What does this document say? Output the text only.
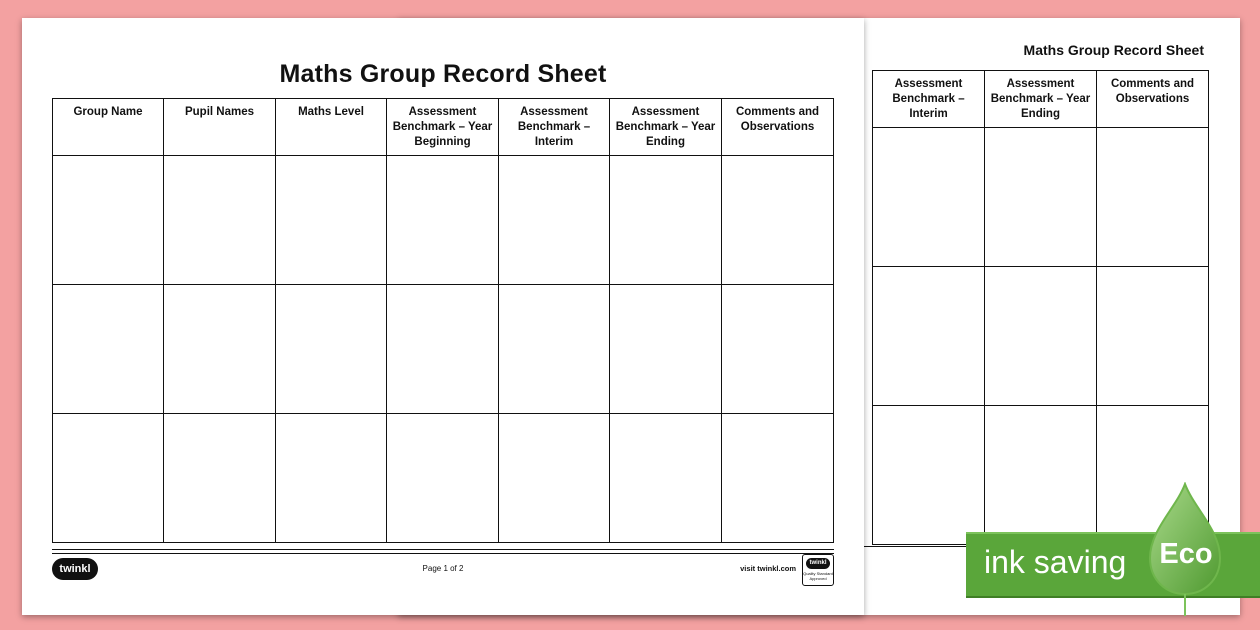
Maths Group Record Sheet
Assessment Benchmark – Interim	Assessment Benchmark – Year Ending	Comments and Observations

Maths Group Record Sheet
Group Name	Pupil Names	Maths Level	Assessment Benchmark – Year Beginning	Assessment Benchmark – Interim	Assessment Benchmark – Year Ending	Comments and Observations

twinkl	Page 1 of 2	visit twinkl.com
twinkl
Quality Standard Approved	ink saving Eco
